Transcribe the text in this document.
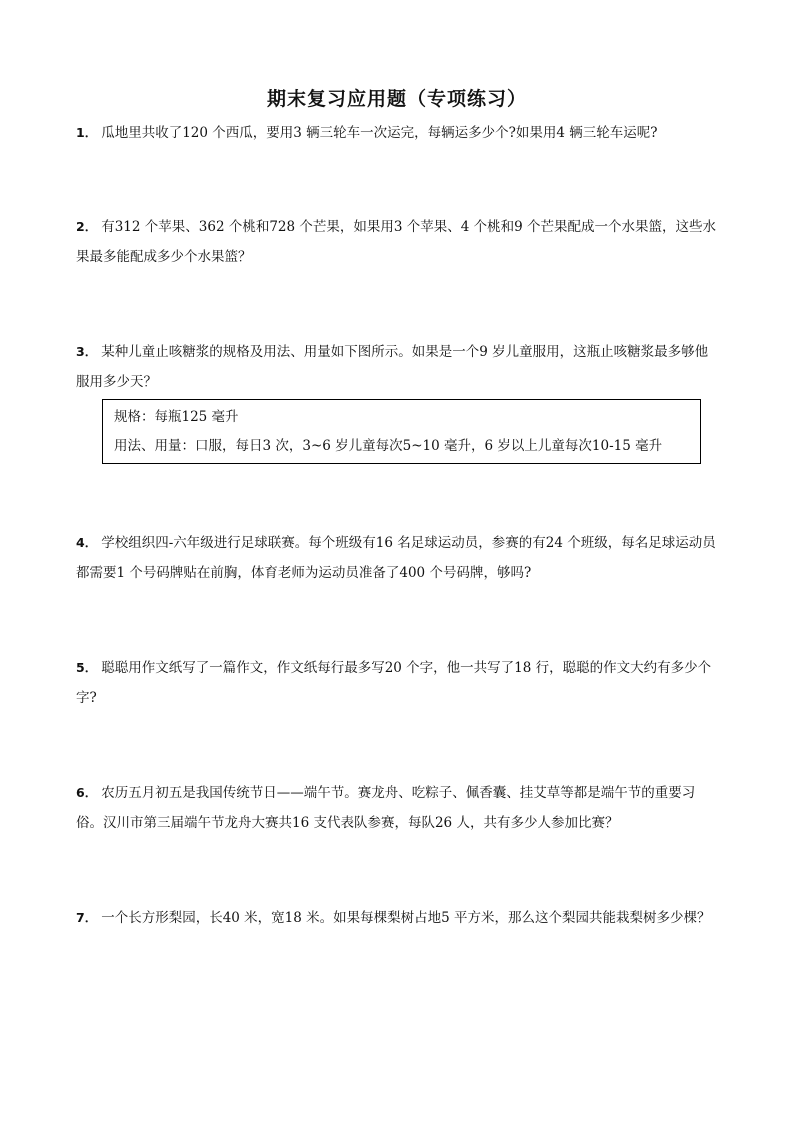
期末复习应用题（专项练习）
1． 瓜地里共收了120 个西瓜，要用3 辆三轮车一次运完，每辆运多少个?如果用4 辆三轮车运呢?
2． 有312 个苹果、362 个桃和728 个芒果，如果用3 个苹果、4 个桃和9 个芒果配成一个水果篮，这些水果最多能配成多少个水果篮？
3． 某种儿童止咳糖浆的规格及用法、用量如下图所示。如果是一个9 岁儿童服用，这瓶止咳糖浆最多够他服用多少天？
规格：每瓶125 毫升
用法、用量：口服，每日3 次，3~6 岁儿童每次5~10 毫升，6 岁以上儿童每次10-15 毫升
4． 学校组织四-六年级进行足球联赛。每个班级有16 名足球运动员，参赛的有24 个班级，每名足球运动员都需要1 个号码牌贴在前胸，体育老师为运动员准备了400 个号码牌，够吗?
5． 聪聪用作文纸写了一篇作文，作文纸每行最多写20 个字，他一共写了18 行，聪聪的作文大约有多少个字?
6． 农历五月初五是我国传统节日——端午节。赛龙舟、吃粽子、佩香囊、挂艾草等都是端午节的重要习俗。汉川市第三届端午节龙舟大赛共16 支代表队参赛，每队26 人，共有多少人参加比赛？
7． 一个长方形梨园，长40 米，宽18 米。如果每棵梨树占地5 平方米，那么这个梨园共能栽梨树多少棵？
